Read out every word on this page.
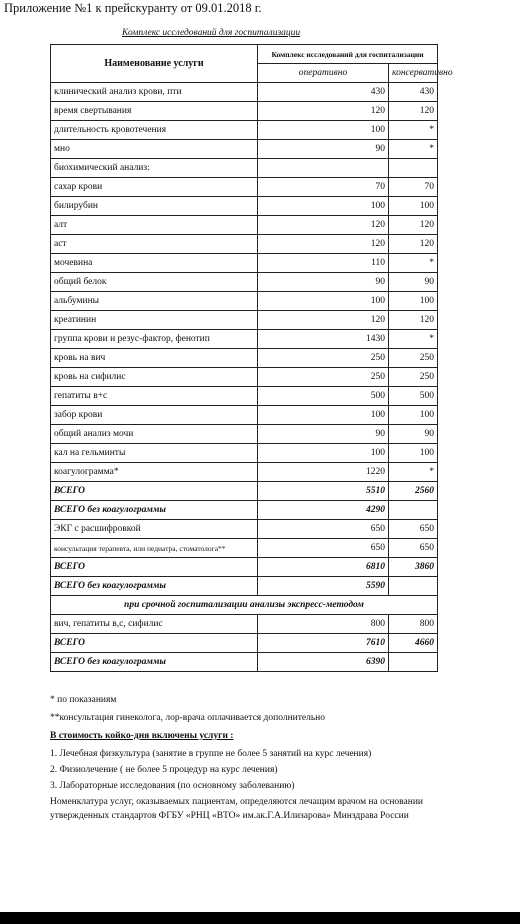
Приложение №1 к прейскуранту от 09.01.2018 г.
Комплекс исследований для госпитализации
Наименование услуги	Комплекс исследований для госпитализации	
	оперативно	консервативно
клинический анализ крови, пти	430	430
время свертывания	120	120
длительность кровотечения	100	*
мно	90	*
биохимический анализ:		
сахар крови	70	70
билирубин	100	100
алт	120	120
аст	120	120
мочевина	110	*
общий белок	90	90
альбумины	100	100
креатинин	120	120
группа крови и резус-фактор, фенотип	1430	*
кровь на вич	250	250
кровь на сифилис	250	250
гепатиты в+с	500	500
забор крови	100	100
общий анализ мочи	90	90
кал на гельминты	100	100
коагулограмма*	1220	*
ВСЕГО	5510	2560
ВСЕГО без коагулограммы	4290	
ЭКГ с расшифровкой	650	650
консультация терапевта, или педиатра, стоматолога**	650	650
ВСЕГО	6810	3860
ВСЕГО без коагулограммы	5590	
при срочной госпитализации анализы экспресс-методом		
вич, гепатиты в,с, сифилис	800	800
ВСЕГО	7610	4660
ВСЕГО без коагулограммы	6390	
* по показаниям
**консультация гинеколога, лор-врача оплачивается дополнительно
В стоимость койко-дня включены услуги :
1. Лечебная физкультура (занятие в группе не более 5 занятий на курс лечения)
2. Физиолечение ( не более 5 процедур на курс лечения)
3. Лабораторные исследования (по основному заболеванию)
Номенклатура услуг, оказываемых пациентам, определяются лечащим врачом на основании утвержденных стандартов ФГБУ «РНЦ «ВТО» им.ак.Г.А.Илизарова» Минздрава России
